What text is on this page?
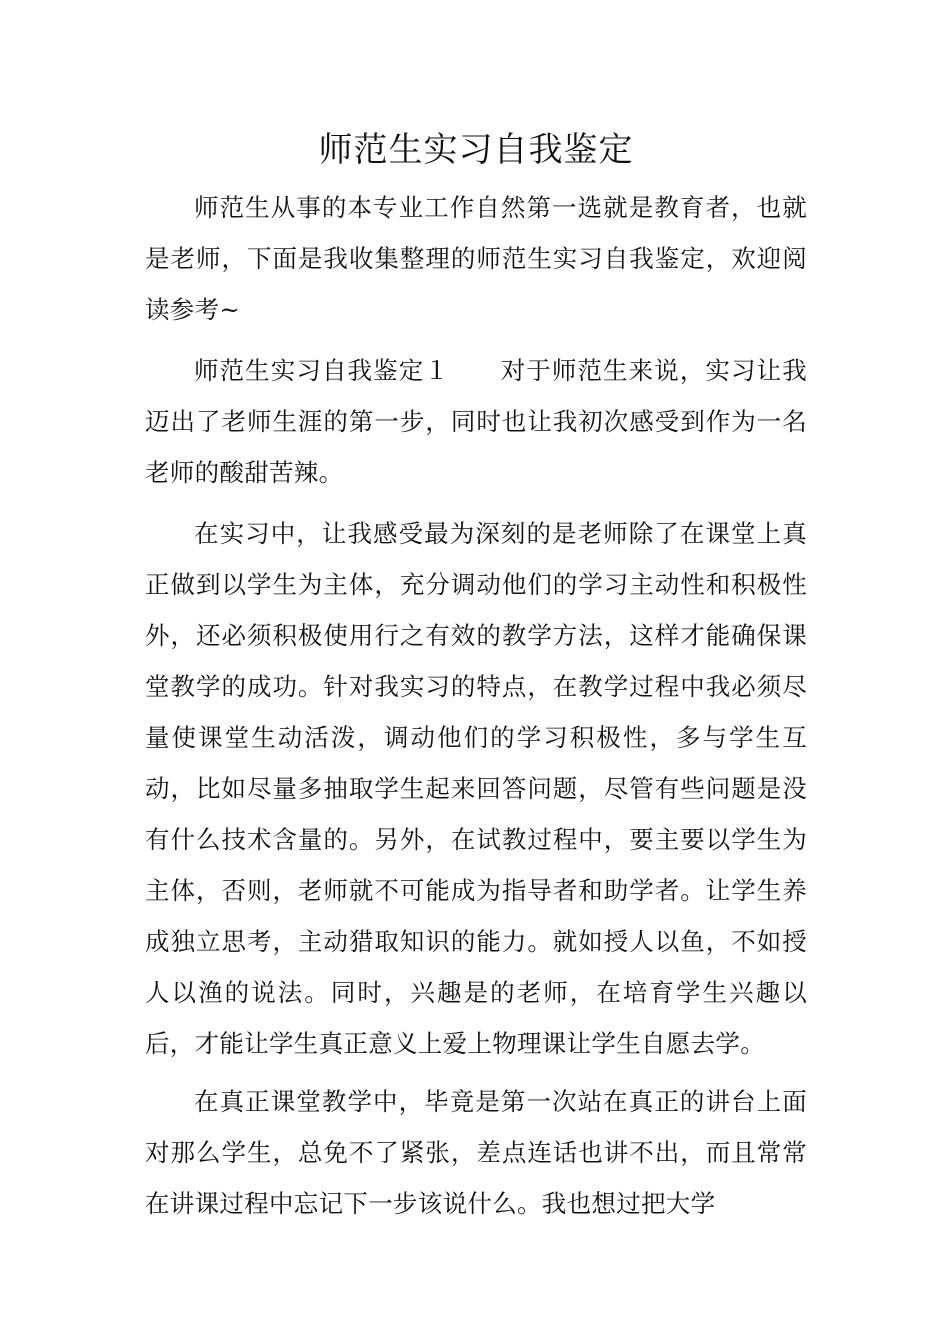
师范生实习自我鉴定

师范生从事的本专业工作自然第一选就是教育者，也就是老师，下面是我收集整理的师范生实习自我鉴定，欢迎阅读参考~

师范生实习自我鉴定１ 对于师范生来说，实习让我迈出了老师生涯的第一步，同时也让我初次感受到作为一名老师的酸甜苦辣。

在实习中，让我感受最为深刻的是老师除了在课堂上真正做到以学生为主体，充分调动他们的学习主动性和积极性外，还必须积极使用行之有效的教学方法，这样才能确保课堂教学的成功。针对我实习的特点，在教学过程中我必须尽量使课堂生动活泼，调动他们的学习积极性，多与学生互动，比如尽量多抽取学生起来回答问题，尽管有些问题是没有什么技术含量的。另外，在试教过程中，要主要以学生为主体，否则，老师就不可能成为指导者和助学者。让学生养成独立思考，主动猎取知识的能力。就如授人以鱼，不如授人以渔的说法。同时，兴趣是的老师，在培育学生兴趣以后，才能让学生真正意义上爱上物理课让学生自愿去学。

在真正课堂教学中，毕竟是第一次站在真正的讲台上面对那么学生，总免不了紧张，差点连话也讲不出，而且常常在讲课过程中忘记下一步该说什么。我也想过把大学
